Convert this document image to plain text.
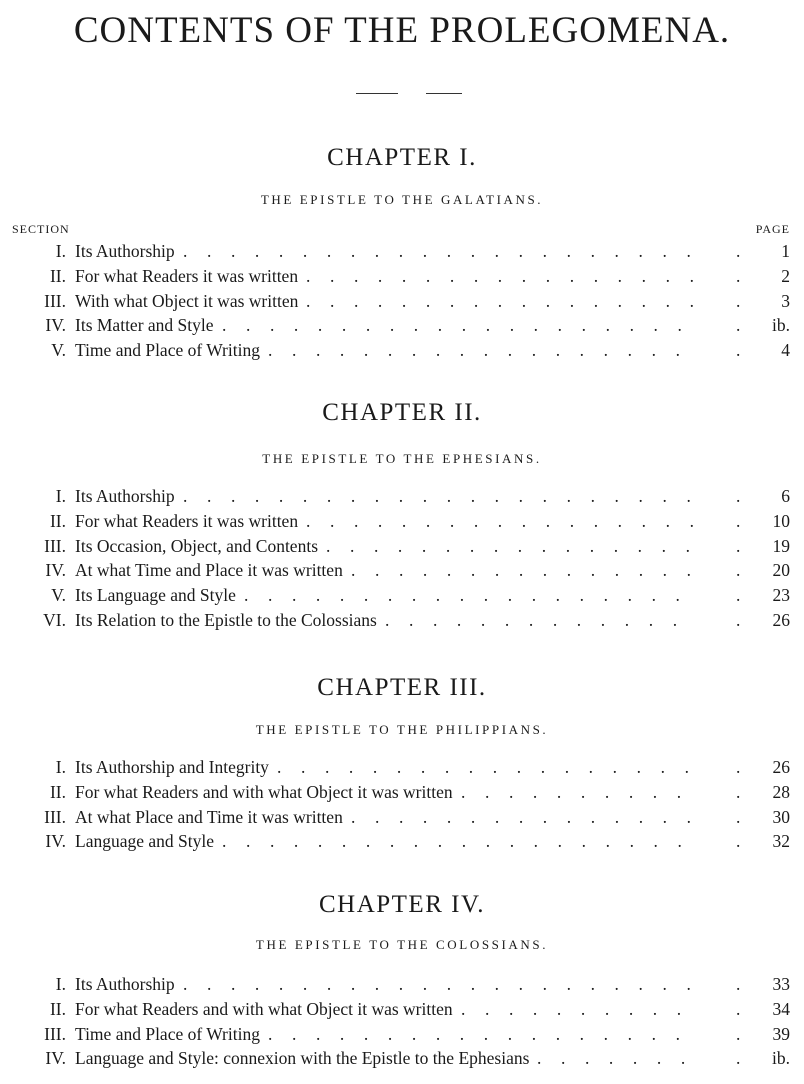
CONTENTS OF THE PROLEGOMENA.
CHAPTER I.
THE EPISTLE TO THE GALATIANS.
SECTION	PAGE
I. Its Authorship ...................... . 1
II. For what Readers it was written ................. . 2
III. With what Object it was written ................. . 3
IV. Its Matter and Style .................... . ib.
V. Time and Place of Writing .................. . 4
CHAPTER II.
THE EPISTLE TO THE EPHESIANS.
I. Its Authorship ...................... . 6
II. For what Readers it was written ................. . 10
III. Its Occasion, Object, and Contents ................ . 19
IV. At what Time and Place it was written ............... . 20
V. Its Language and Style ................... . 23
VI. Its Relation to the Epistle to the Colossians ............. . 26
CHAPTER III.
THE EPISTLE TO THE PHILIPPIANS.
I. Its Authorship and Integrity .................. . 26
II. For what Readers and with what Object it was written .......... . 28
III. At what Place and Time it was written ............... . 30
IV. Language and Style .................... . 32
CHAPTER IV.
THE EPISTLE TO THE COLOSSIANS.
I. Its Authorship ...................... . 33
II. For what Readers and with what Object it was written .......... . 34
III. Time and Place of Writing .................. . 39
IV. Language and Style: connexion with the Epistle to the Ephesians ....... . ib.
